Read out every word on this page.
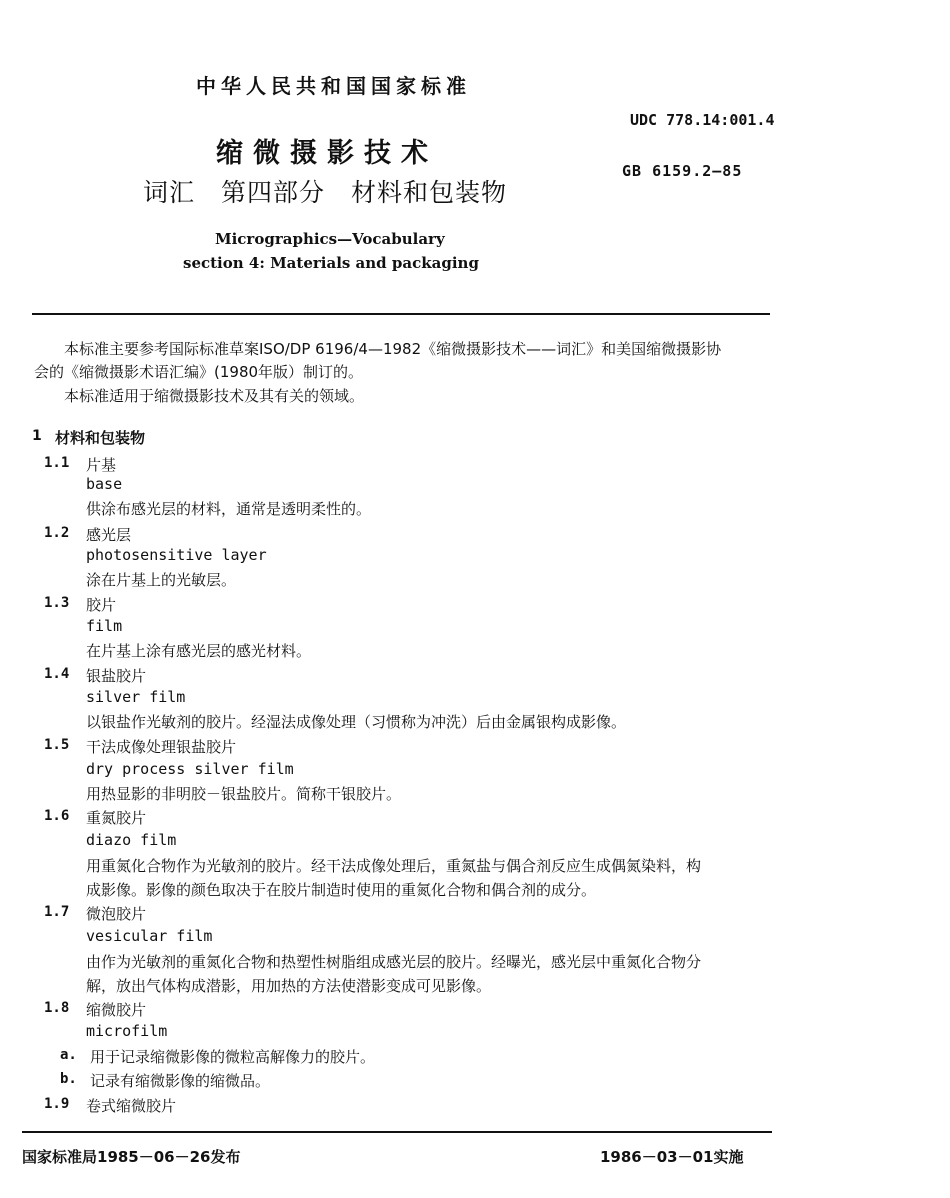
中华人民共和国国家标准
UDC 778.14:001.4
缩微摄影技术
GB 6159.2—85
词汇　第四部分　材料和包装物
Micrographics—Vocabulary
section 4: Materials and packaging
本标准主要参考国际标准草案ISO/DP 6196/4—1982《缩微摄影技术——词汇》和美国缩微摄影协
会的《缩微摄影术语汇编》(1980年版）制订的。
本标准适用于缩微摄影技术及其有关的领域。
1 材料和包装物
1.1 片基
base
供涂布感光层的材料，通常是透明柔性的。
1.2 感光层
photosensitive layer
涂在片基上的光敏层。
1.3 胶片
film
在片基上涂有感光层的感光材料。
1.4 银盐胶片
silver film
以银盐作光敏剂的胶片。经湿法成像处理（习惯称为冲洗）后由金属银构成影像。
1.5 干法成像处理银盐胶片
dry process silver film
用热显影的非明胶－银盐胶片。简称干银胶片。
1.6 重氮胶片
diazo film
用重氮化合物作为光敏剂的胶片。经干法成像处理后，重氮盐与偶合剂反应生成偶氮染料，构
成影像。影像的颜色取决于在胶片制造时使用的重氮化合物和偶合剂的成分。
1.7 微泡胶片
vesicular film
由作为光敏剂的重氮化合物和热塑性树脂组成感光层的胶片。经曝光，感光层中重氮化合物分
解，放出气体构成潜影，用加热的方法使潜影变成可见影像。
1.8 缩微胶片
microfilm
a. 用于记录缩微影像的微粒高解像力的胶片。
b. 记录有缩微影像的缩微品。
1.9 卷式缩微胶片
国家标准局1985－06－26发布	1986－03－01实施
